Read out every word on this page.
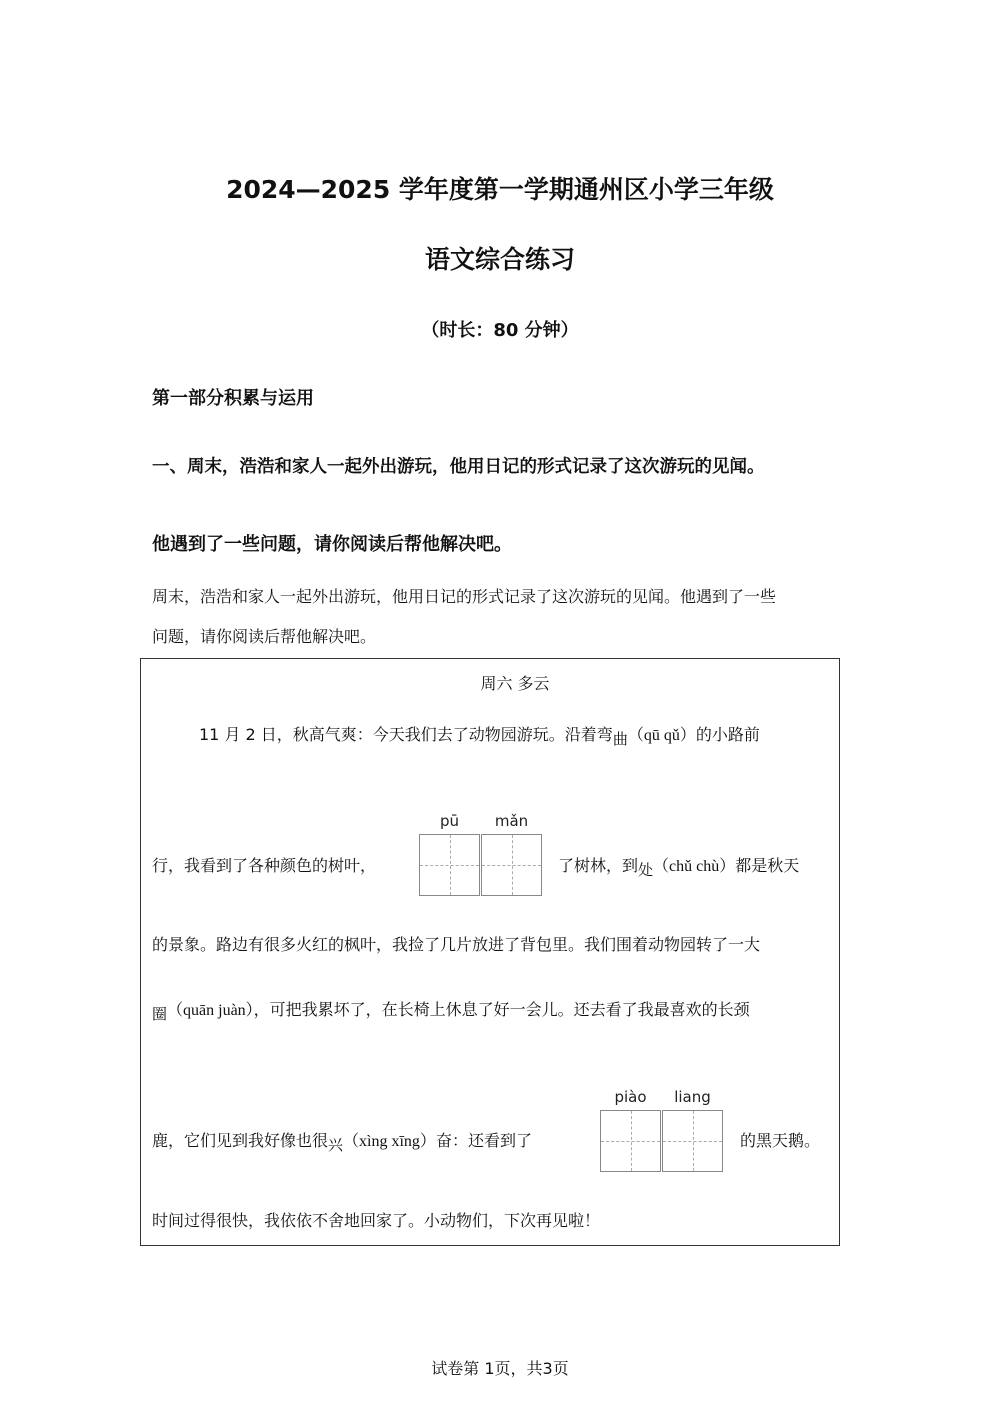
2024—2025 学年度第一学期通州区小学三年级
语文综合练习
（时长：80 分钟）
第一部分积累与运用
一、周末，浩浩和家人一起外出游玩，他用日记的形式记录了这次游玩的见闻。
他遇到了一些问题，请你阅读后帮他解决吧。
周末，浩浩和家人一起外出游玩，他用日记的形式记录了这次游玩的见闻。他遇到了一些
问题，请你阅读后帮他解决吧。
周六 多云
11 月 2 日，秋高气爽：今天我们去了动物园游玩。沿着弯曲（qū qǔ）的小路前
行，我看到了各种颜色的树叶，
pū	mǎn
了树林，到处（chǔ chù）都是秋天
的景象。路边有很多火红的枫叶，我捡了几片放进了背包里。我们围着动物园转了一大
圈（quān juàn），可把我累坏了，在长椅上休息了好一会儿。还去看了我最喜欢的长颈
鹿，它们见到我好像也很兴（xìng xīng）奋：还看到了
piào	liang
的黑天鹅。
时间过得很快，我依依不舍地回家了。小动物们，下次再见啦！
试卷第 1页，共3页
